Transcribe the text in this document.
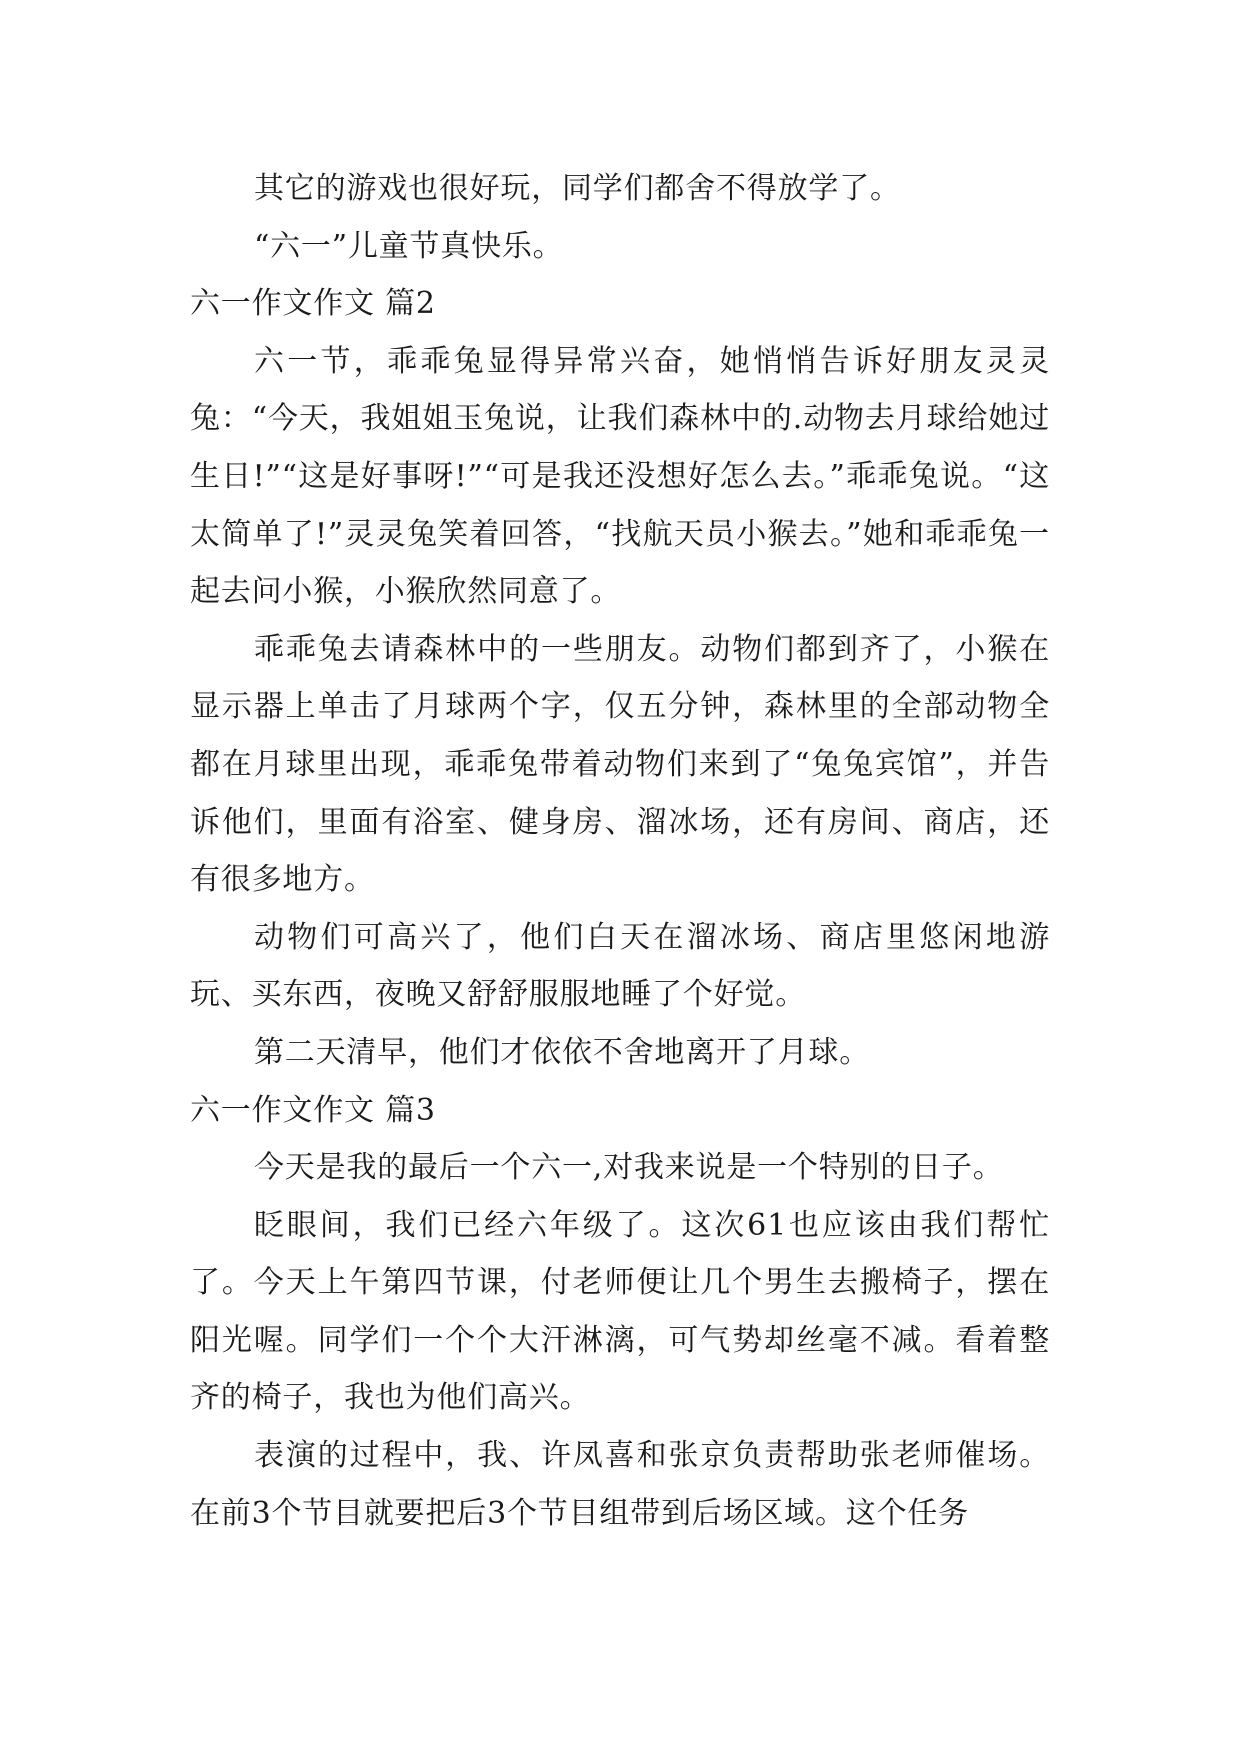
其它的游戏也很好玩，同学们都舍不得放学了。

“六一”儿童节真快乐。

六一作文作文 篇2

六一节，乖乖兔显得异常兴奋，她悄悄告诉好朋友灵灵兔：“今天，我姐姐玉兔说，让我们森林中的.动物去月球给她过生日!”“这是好事呀!”“可是我还没想好怎么去。”乖乖兔说。“这太简单了!”灵灵兔笑着回答，“找航天员小猴去。”她和乖乖兔一起去问小猴，小猴欣然同意了。

乖乖兔去请森林中的一些朋友。动物们都到齐了，小猴在显示器上单击了月球两个字，仅五分钟，森林里的全部动物全都在月球里出现，乖乖兔带着动物们来到了“兔兔宾馆”，并告诉他们，里面有浴室、健身房、溜冰场，还有房间、商店，还有很多地方。

动物们可高兴了，他们白天在溜冰场、商店里悠闲地游玩、买东西，夜晚又舒舒服服地睡了个好觉。

第二天清早，他们才依依不舍地离开了月球。

六一作文作文 篇3

今天是我的最后一个六一,对我来说是一个特别的日子。

眨眼间，我们已经六年级了。这次61也应该由我们帮忙了。今天上午第四节课，付老师便让几个男生去搬椅子，摆在阳光喔。同学们一个个大汗淋漓，可气势却丝毫不减。看着整齐的椅子，我也为他们高兴。

表演的过程中，我、许凤喜和张京负责帮助张老师催场。在前3个节目就要把后3个节目组带到后场区域。这个任务
